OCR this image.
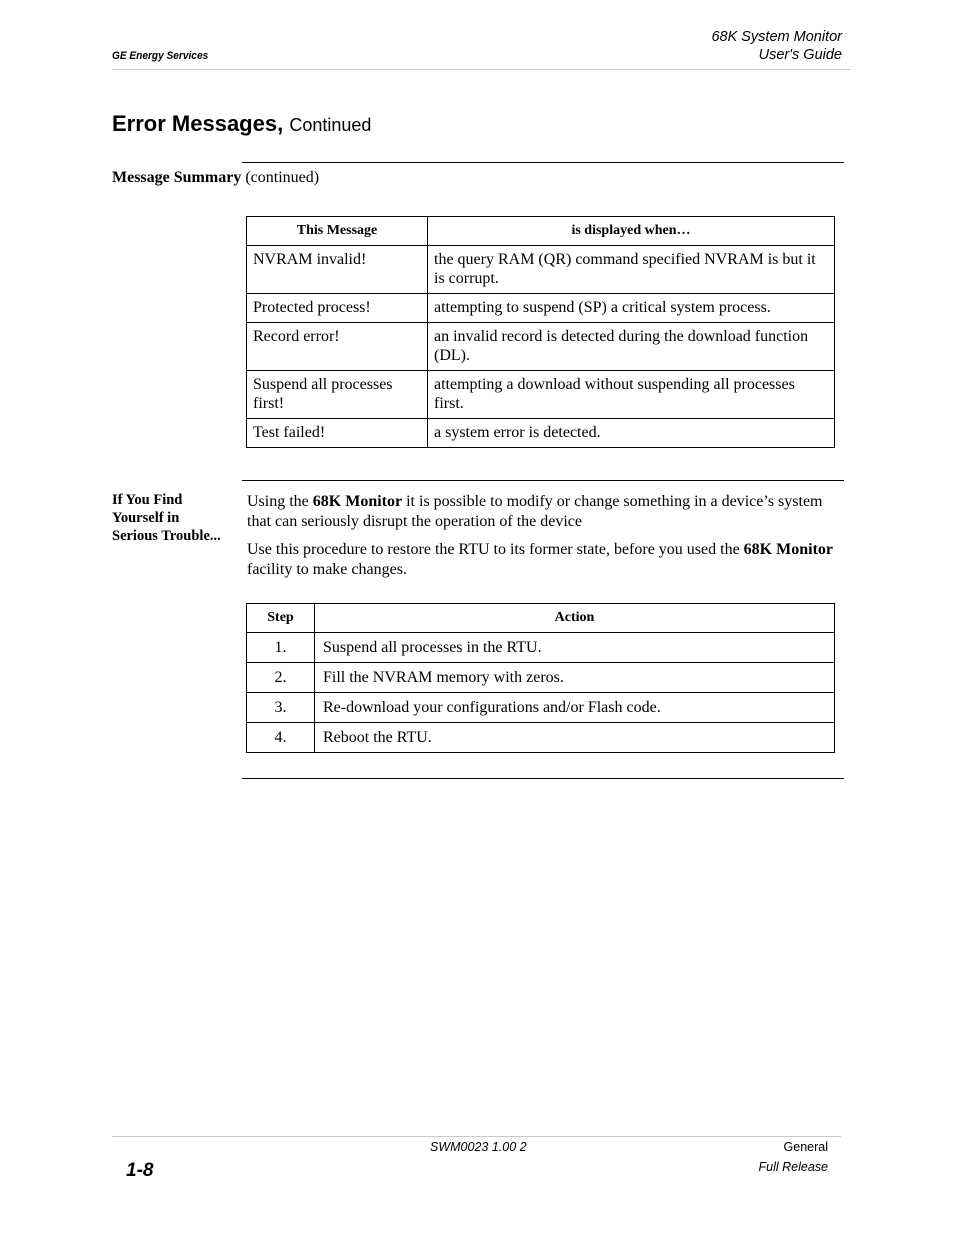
GE Energy Services
68K System Monitor
User's Guide
Error Messages, Continued
Message Summary (continued)
This Message	is displayed when…
NVRAM invalid!	the query RAM (QR) command specified NVRAM is but it is corrupt.
Protected process!	attempting to suspend (SP) a critical system process.
Record error!	an invalid record is detected during the download function (DL).
Suspend all processes first!	attempting a download without suspending all processes first.
Test failed!	a system error is detected.
If You Find Yourself in Serious Trouble...
Using the 68K Monitor it is possible to modify or change something in a device’s system that can seriously disrupt the operation of the device
Use this procedure to restore the RTU to its former state, before you used the 68K Monitor facility to make changes.
Step	Action
1.	Suspend all processes in the RTU.
2.	Fill the NVRAM memory with zeros.
3.	Re-download your configurations and/or Flash code.
4.	Reboot the RTU.
1-8
SWM0023 1.00 2	General
Full Release
